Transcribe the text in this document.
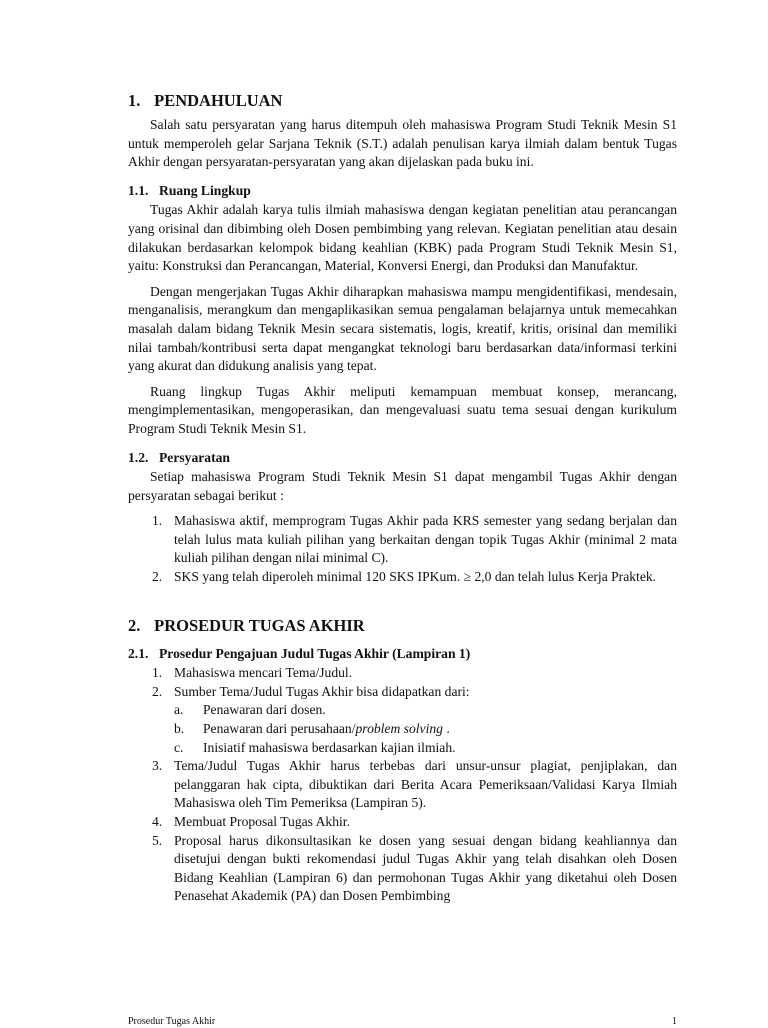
1. PENDAHULUAN
Salah satu persyaratan yang harus ditempuh oleh mahasiswa Program Studi Teknik Mesin S1 untuk memperoleh gelar Sarjana Teknik (S.T.) adalah penulisan karya ilmiah dalam bentuk Tugas Akhir dengan persyaratan-persyaratan yang akan dijelaskan pada buku ini.
1.1. Ruang Lingkup
Tugas Akhir adalah karya tulis ilmiah mahasiswa dengan kegiatan penelitian atau perancangan yang orisinal dan dibimbing oleh Dosen pembimbing yang relevan. Kegiatan penelitian atau desain dilakukan berdasarkan kelompok bidang keahlian (KBK) pada Program Studi Teknik Mesin S1, yaitu: Konstruksi dan Perancangan, Material, Konversi Energi, dan Produksi dan Manufaktur.
Dengan mengerjakan Tugas Akhir diharapkan mahasiswa mampu mengidentifikasi, mendesain, menganalisis, merangkum dan mengaplikasikan semua pengalaman belajarnya untuk memecahkan masalah dalam bidang Teknik Mesin secara sistematis, logis, kreatif, kritis, orisinal dan memiliki nilai tambah/kontribusi serta dapat mengangkat teknologi baru berdasarkan data/informasi terkini yang akurat dan didukung analisis yang tepat.
Ruang lingkup Tugas Akhir meliputi kemampuan membuat konsep, merancang, mengimplementasikan, mengoperasikan, dan mengevaluasi suatu tema sesuai dengan kurikulum Program Studi Teknik Mesin S1.
1.2. Persyaratan
Setiap mahasiswa Program Studi Teknik Mesin S1 dapat mengambil Tugas Akhir dengan persyaratan sebagai berikut :
1. Mahasiswa aktif, memprogram Tugas Akhir pada KRS semester yang sedang berjalan dan telah lulus mata kuliah pilihan yang berkaitan dengan topik Tugas Akhir (minimal 2 mata kuliah pilihan dengan nilai minimal C).
2. SKS yang telah diperoleh minimal 120 SKS IPKum. ≥ 2,0 dan telah lulus Kerja Praktek.
2. PROSEDUR TUGAS AKHIR
2.1. Prosedur Pengajuan Judul Tugas Akhir (Lampiran 1)
1. Mahasiswa mencari Tema/Judul.
2. Sumber Tema/Judul Tugas Akhir bisa didapatkan dari:
a. Penawaran dari dosen.
b. Penawaran dari perusahaan/problem solving .
c. Inisiatif mahasiswa berdasarkan kajian ilmiah.
3. Tema/Judul Tugas Akhir harus terbebas dari unsur-unsur plagiat, penjiplakan, dan pelanggaran hak cipta, dibuktikan dari Berita Acara Pemeriksaan/Validasi Karya Ilmiah Mahasiswa oleh Tim Pemeriksa (Lampiran 5).
4. Membuat Proposal Tugas Akhir.
5. Proposal harus dikonsultasikan ke dosen yang sesuai dengan bidang keahliannya dan disetujui dengan bukti rekomendasi judul Tugas Akhir yang telah disahkan oleh Dosen Bidang Keahlian (Lampiran 6) dan permohonan Tugas Akhir yang diketahui oleh Dosen Penasehat Akademik (PA) dan Dosen Pembimbing
Prosedur Tugas Akhir	1
